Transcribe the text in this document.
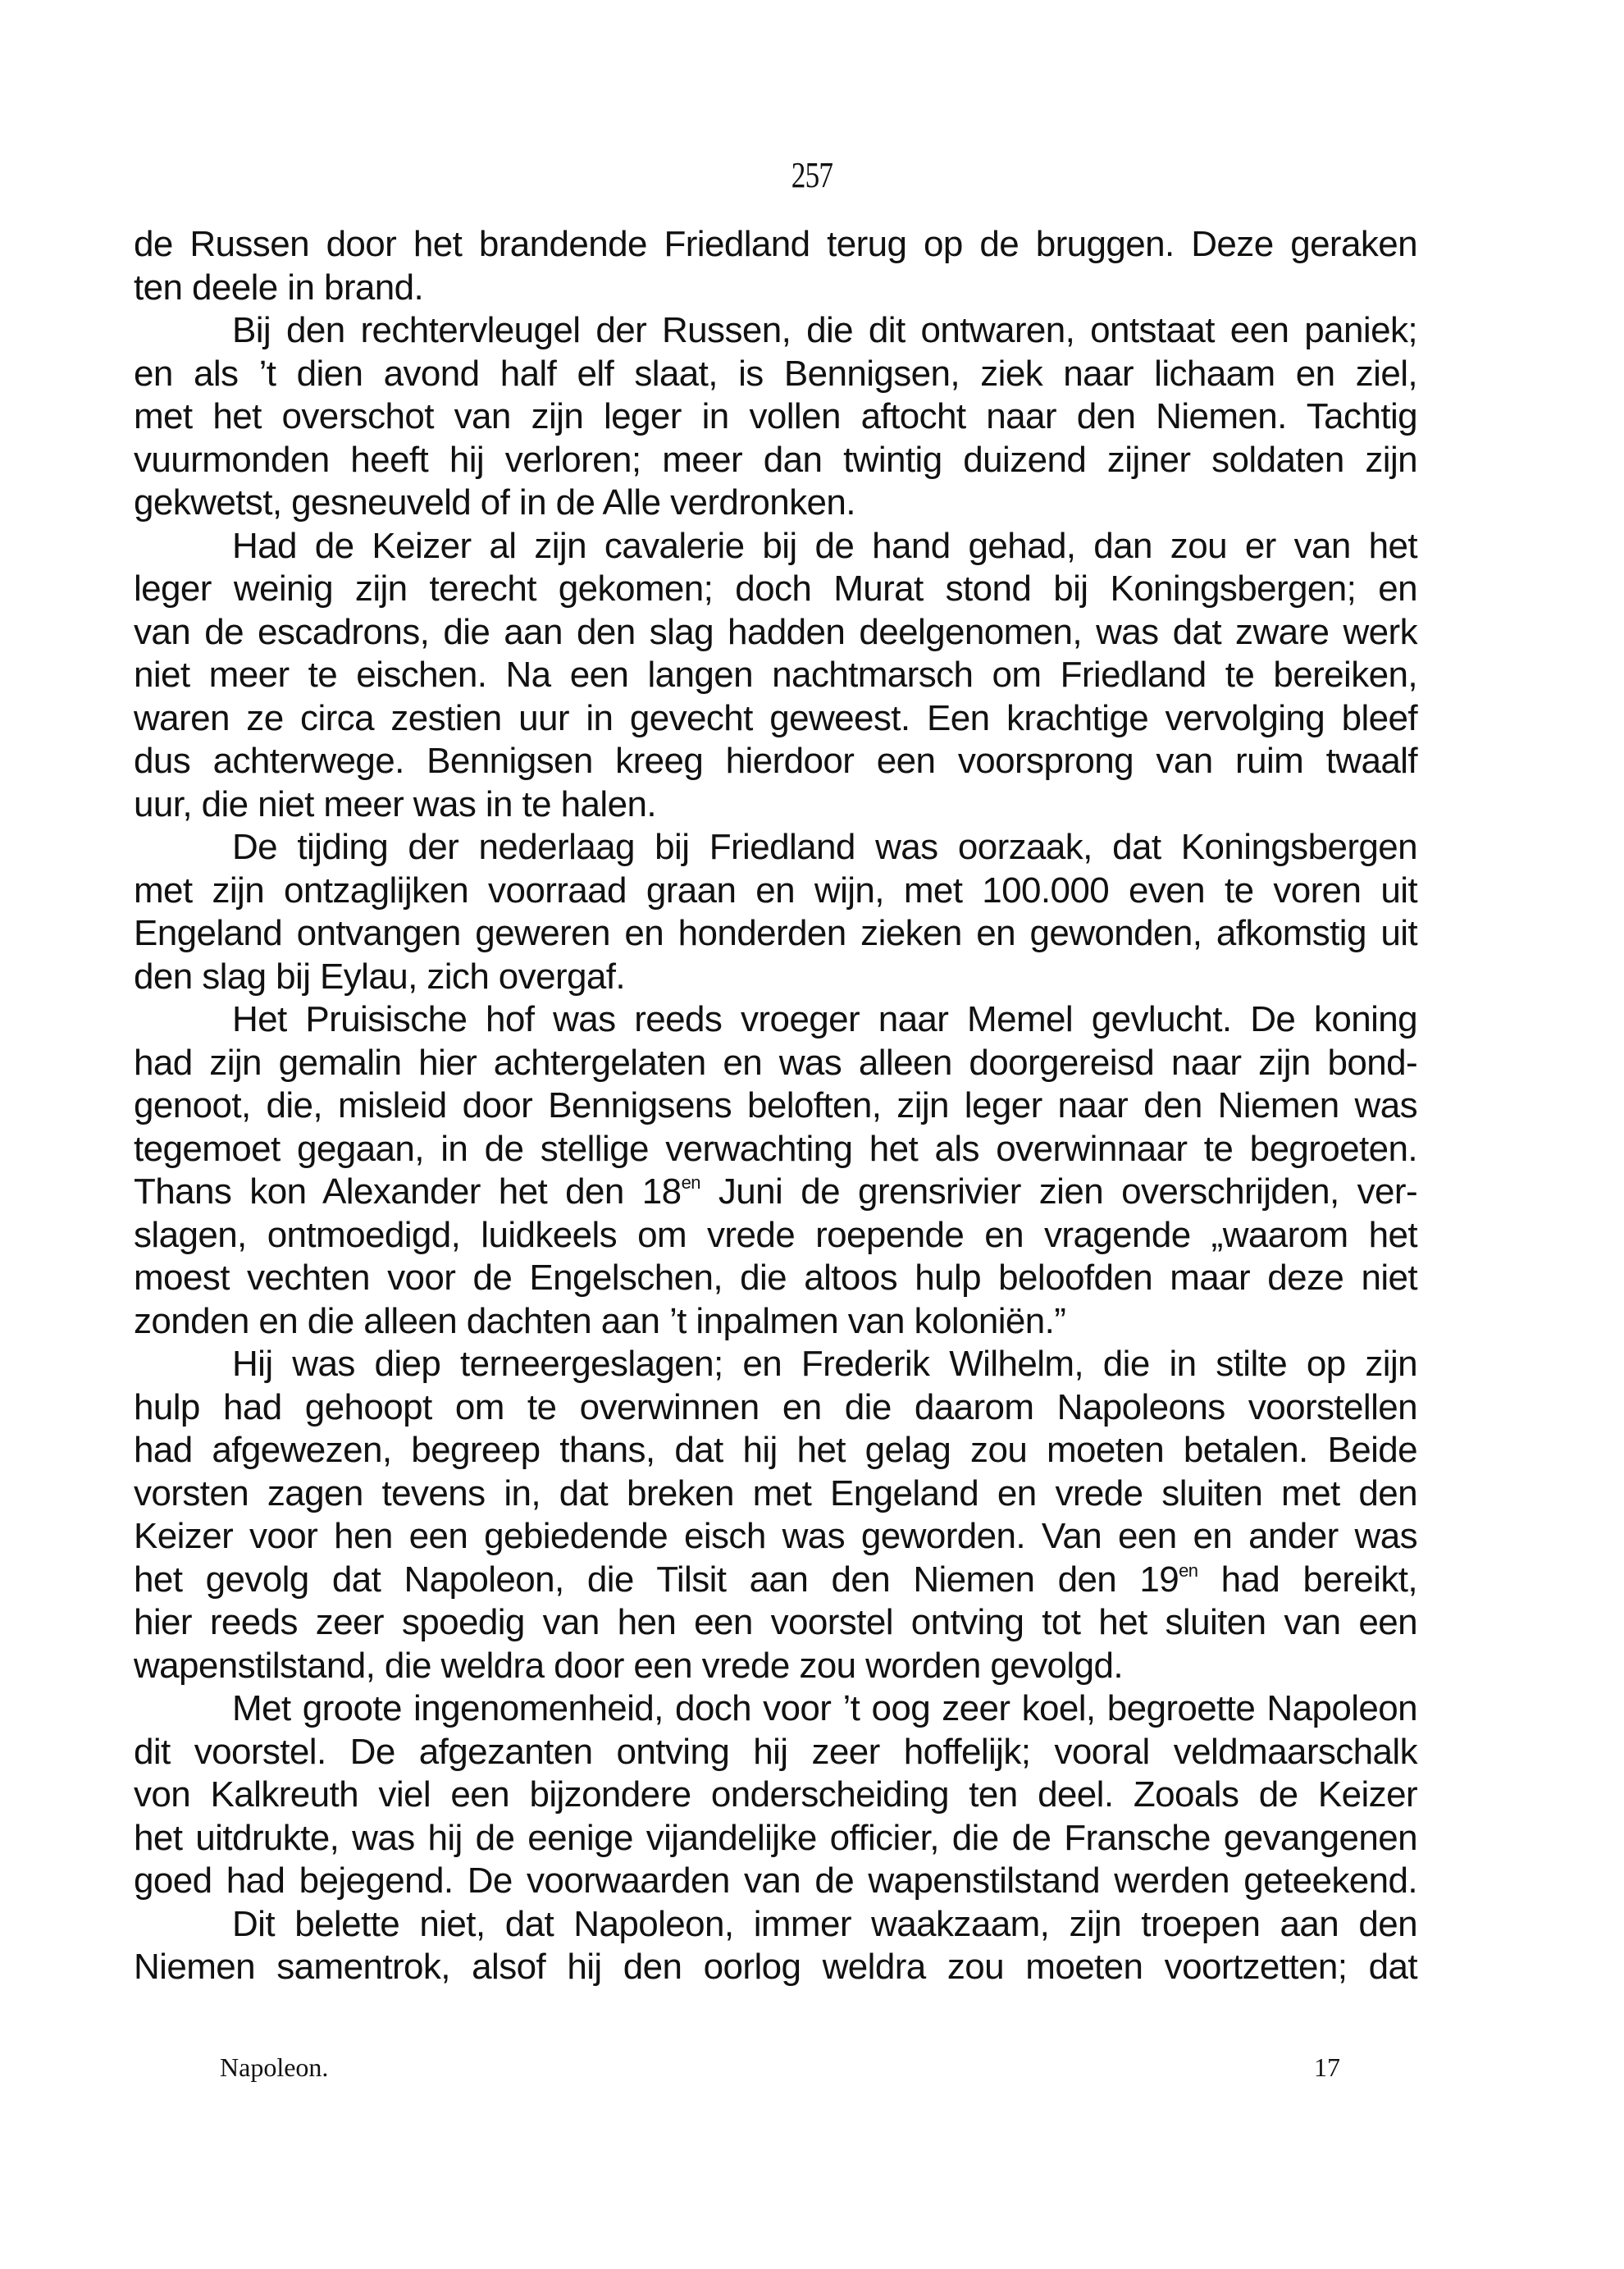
257
de Russen door het brandende Friedland terug op de bruggen. Deze geraken
ten deele in brand.
Bij den rechtervleugel der Russen, die dit ontwaren, ontstaat een paniek;
en als ’t dien avond half elf slaat, is Bennigsen, ziek naar lichaam en ziel,
met het overschot van zijn leger in vollen aftocht naar den Niemen. Tachtig
vuurmonden heeft hij verloren; meer dan twintig duizend zijner soldaten zijn
gekwetst, gesneuveld of in de Alle verdronken.
Had de Keizer al zijn cavalerie bij de hand gehad, dan zou er van het
leger weinig zijn terecht gekomen; doch Murat stond bij Koningsbergen; en
van de escadrons, die aan den slag hadden deelgenomen, was dat zware werk
niet meer te eischen. Na een langen nachtmarsch om Friedland te bereiken,
waren ze circa zestien uur in gevecht geweest. Een krachtige vervolging bleef
dus achterwege. Bennigsen kreeg hierdoor een voorsprong van ruim twaalf
uur, die niet meer was in te halen.
De tijding der nederlaag bij Friedland was oorzaak, dat Koningsbergen
met zijn ontzaglijken voorraad graan en wijn, met 100.000 even te voren uit
Engeland ontvangen geweren en honderden zieken en gewonden, afkomstig uit
den slag bij Eylau, zich overgaf.
Het Pruisische hof was reeds vroeger naar Memel gevlucht. De koning
had zijn gemalin hier achtergelaten en was alleen doorgereisd naar zijn bond-
genoot, die, misleid door Bennigsens beloften, zijn leger naar den Niemen was
tegemoet gegaan, in de stellige verwachting het als overwinnaar te begroeten.
Thans kon Alexander het den $18^{en}$ Juni de grensrivier zien overschrijden, ver-
slagen, ontmoedigd, luidkeels om vrede roepende en vragende „waarom het
moest vechten voor de Engelschen, die altoos hulp beloofden maar deze niet
zonden en die alleen dachten aan ’t inpalmen van koloniën.”
Hij was diep terneergeslagen; en Frederik Wilhelm, die in stilte op zijn
hulp had gehoopt om te overwinnen en die daarom Napoleons voorstellen
had afgewezen, begreep thans, dat hij het gelag zou moeten betalen. Beide
vorsten zagen tevens in, dat breken met Engeland en vrede sluiten met den
Keizer voor hen een gebiedende eisch was geworden. Van een en ander was
het gevolg dat Napoleon, die Tilsit aan den Niemen den $19^{en}$ had bereikt,
hier reeds zeer spoedig van hen een voorstel ontving tot het sluiten van een
wapenstilstand, die weldra door een vrede zou worden gevolgd.
Met groote ingenomenheid, doch voor ’t oog zeer koel, begroette Napoleon
dit voorstel. De afgezanten ontving hij zeer hoffelijk; vooral veldmaarschalk
von Kalkreuth viel een bijzondere onderscheiding ten deel. Zooals de Keizer
het uitdrukte, was hij de eenige vijandelijke officier, die de Fransche gevangenen
goed had bejegend. De voorwaarden van de wapenstilstand werden geteekend.
Dit belette niet, dat Napoleon, immer waakzaam, zijn troepen aan den
Niemen samentrok, alsof hij den oorlog weldra zou moeten voortzetten; dat
Napoleon.	17
